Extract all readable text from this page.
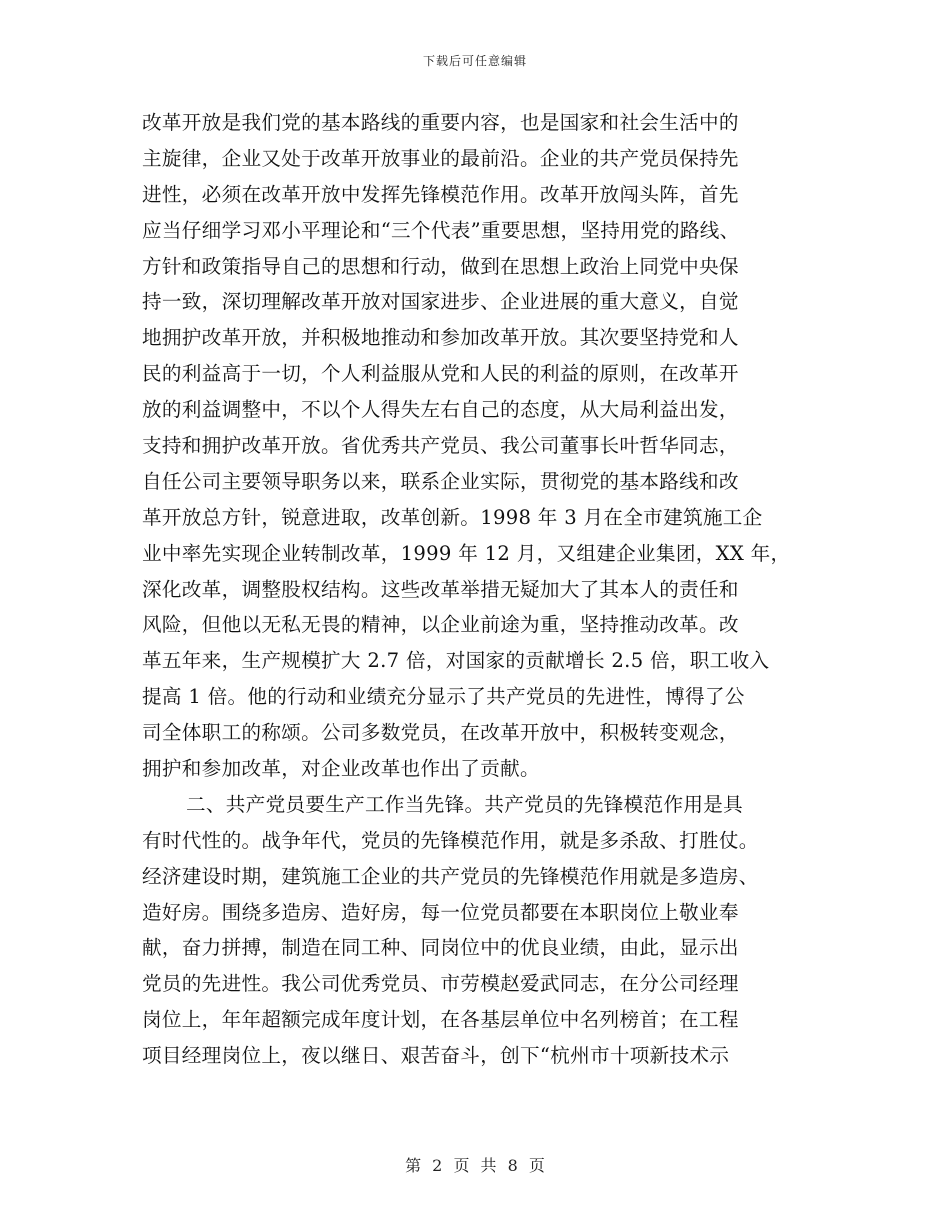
下载后可任意编辑
改革开放是我们党的基本路线的重要内容，也是国家和社会生活中的
主旋律，企业又处于改革开放事业的最前沿。企业的共产党员保持先
进性，必须在改革开放中发挥先锋模范作用。改革开放闯头阵，首先
应当仔细学习邓小平理论和“三个代表”重要思想，坚持用党的路线、
方针和政策指导自己的思想和行动，做到在思想上政治上同党中央保
持一致，深切理解改革开放对国家进步、企业进展的重大意义，自觉
地拥护改革开放，并积极地推动和参加改革开放。其次要坚持党和人
民的利益高于一切，个人利益服从党和人民的利益的原则，在改革开
放的利益调整中，不以个人得失左右自己的态度，从大局利益出发，
支持和拥护改革开放。省优秀共产党员、我公司董事长叶哲华同志，
自任公司主要领导职务以来，联系企业实际，贯彻党的基本路线和改
革开放总方针，锐意进取，改革创新。1998 年 3 月在全市建筑施工企
业中率先实现企业转制改革，1999 年 12 月，又组建企业集团，XX 年，
深化改革，调整股权结构。这些改革举措无疑加大了其本人的责任和
风险，但他以无私无畏的精神，以企业前途为重，坚持推动改革。改
革五年来，生产规模扩大 2.7 倍，对国家的贡献增长 2.5 倍，职工收入
提高 1 倍。他的行动和业绩充分显示了共产党员的先进性，博得了公
司全体职工的称颂。公司多数党员，在改革开放中，积极转变观念，
拥护和参加改革，对企业改革也作出了贡献。
二、共产党员要生产工作当先锋。共产党员的先锋模范作用是具
有时代性的。战争年代，党员的先锋模范作用，就是多杀敌、打胜仗。
经济建设时期，建筑施工企业的共产党员的先锋模范作用就是多造房、
造好房。围绕多造房、造好房，每一位党员都要在本职岗位上敬业奉
献，奋力拼搏，制造在同工种、同岗位中的优良业绩，由此，显示出
党员的先进性。我公司优秀党员、市劳模赵爱武同志，在分公司经理
岗位上，年年超额完成年度计划，在各基层单位中名列榜首；在工程
项目经理岗位上，夜以继日、艰苦奋斗，创下“杭州市十项新技术示
第 2 页 共 8 页
